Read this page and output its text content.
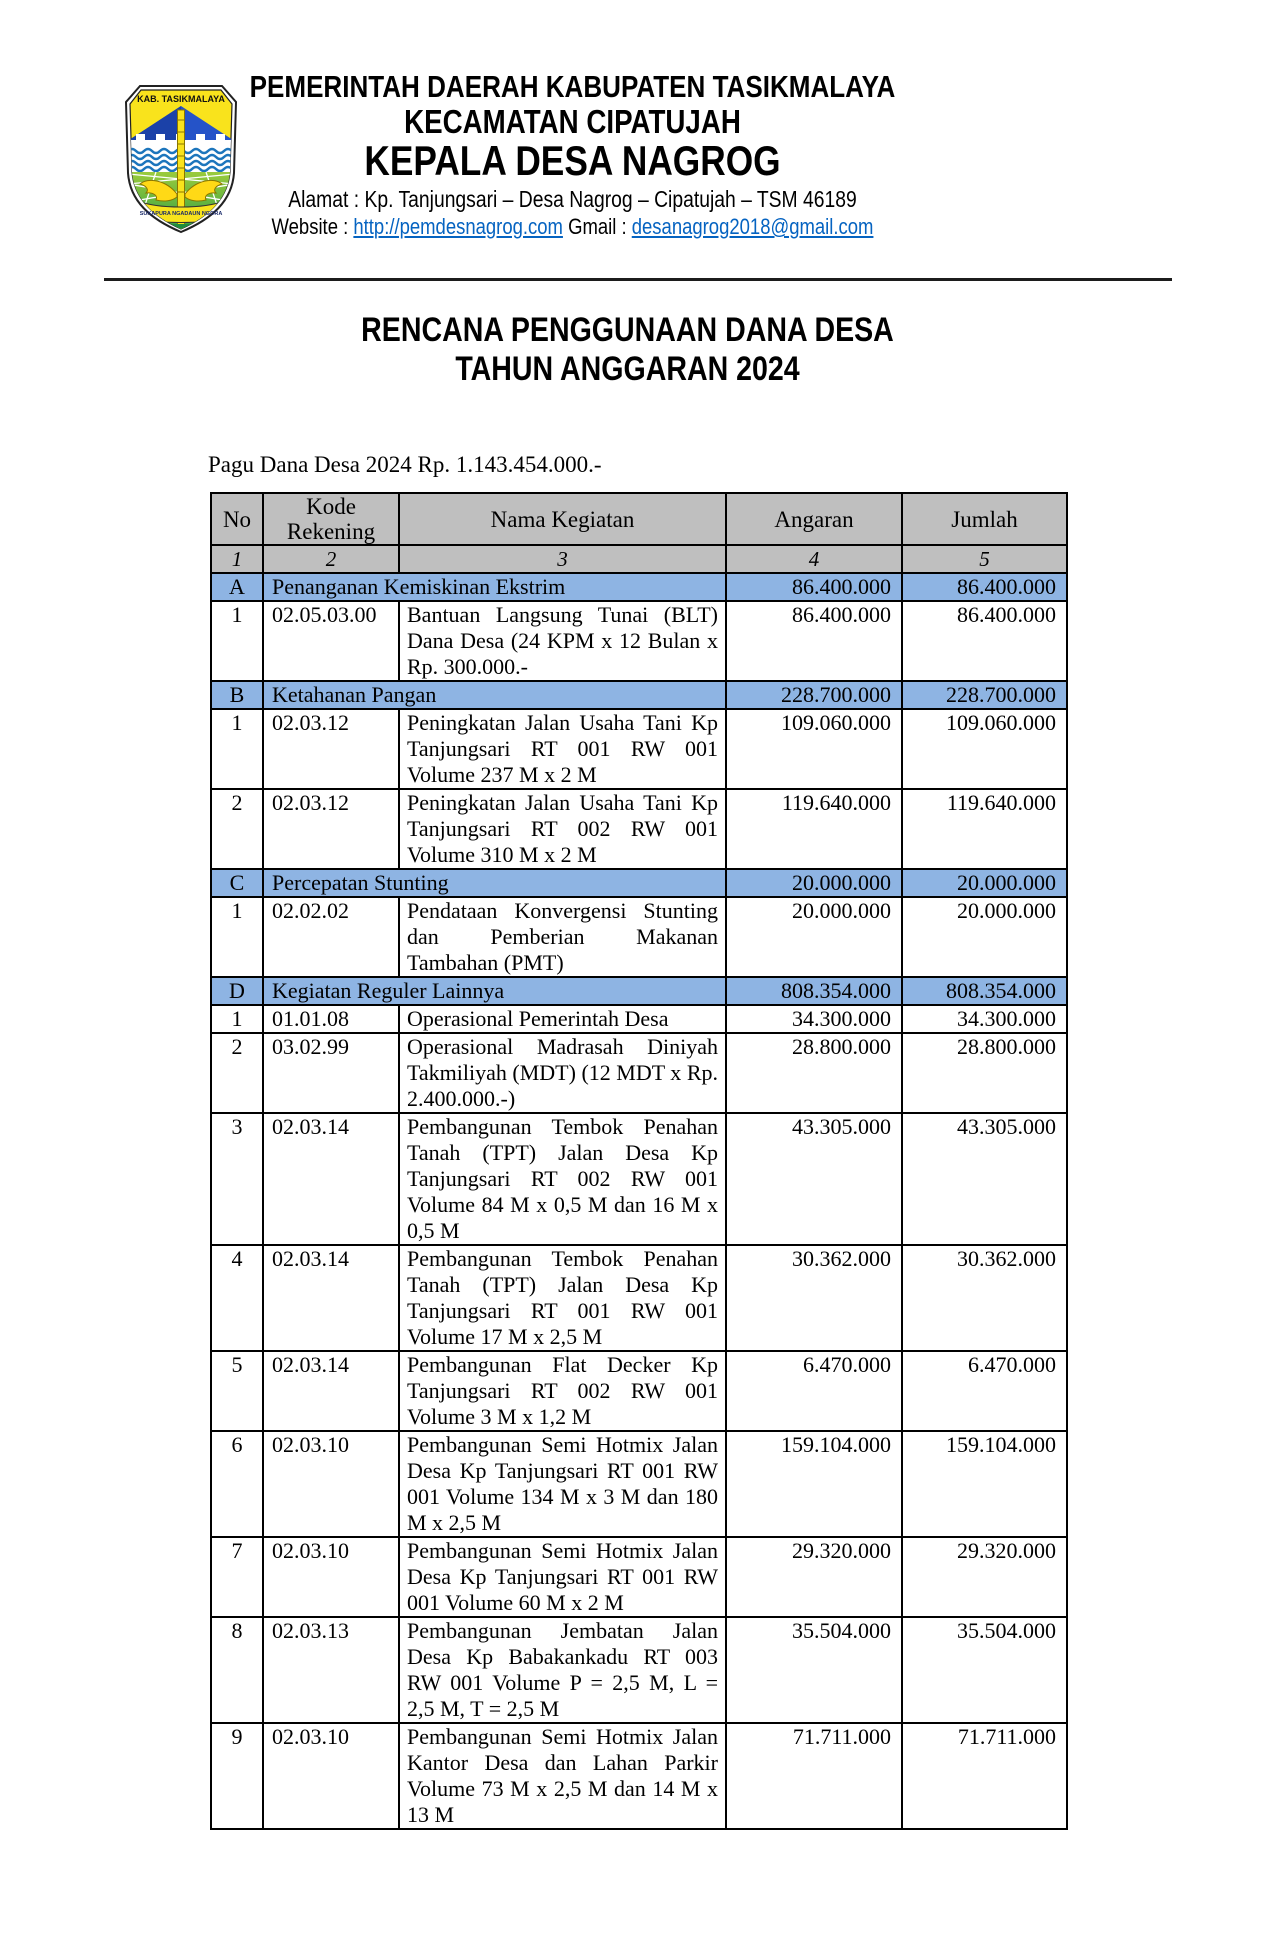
KAB. TASIKMALAYA
SUKAPURA NGADAUN NGORA
PEMERINTAH DAERAH KABUPATEN TASIKMALAYA
KECAMATAN CIPATUJAH
KEPALA DESA NAGROG
Alamat : Kp. Tanjungsari – Desa Nagrog – Cipatujah – TSM 46189
Website : http://pemdesnagrog.com Gmail : desanagrog2018@gmail.com
RENCANA PENGGUNAAN DANA DESA
TAHUN ANGGARAN 2024
Pagu Dana Desa 2024 Rp. 1.143.454.000.-
No	Kode Rekening	Nama Kegiatan	Angaran	Jumlah
1	2	3	4	5
A	Penanganan Kemiskinan Ekstrim		86.400.000	86.400.000
1	02.05.03.00	Bantuan Langsung Tunai (BLT) Dana Desa (24 KPM x 12 Bulan x Rp. 300.000.-	86.400.000	86.400.000
B	Ketahanan Pangan		228.700.000	228.700.000
1	02.03.12	Peningkatan Jalan Usaha Tani Kp Tanjungsari RT 001 RW 001 Volume 237 M x 2 M	109.060.000	109.060.000
2	02.03.12	Peningkatan Jalan Usaha Tani Kp Tanjungsari RT 002 RW 001 Volume 310 M x 2 M	119.640.000	119.640.000
C	Percepatan Stunting		20.000.000	20.000.000
1	02.02.02	Pendataan Konvergensi Stunting dan Pemberian Makanan Tambahan (PMT)	20.000.000	20.000.000
D	Kegiatan Reguler Lainnya		808.354.000	808.354.000
1	01.01.08	Operasional Pemerintah Desa	34.300.000	34.300.000
2	03.02.99	Operasional Madrasah Diniyah Takmiliyah (MDT) (12 MDT x Rp. 2.400.000.-)	28.800.000	28.800.000
3	02.03.14	Pembangunan Tembok Penahan Tanah (TPT) Jalan Desa Kp Tanjungsari RT 002 RW 001 Volume 84 M x 0,5 M dan 16 M x 0,5 M	43.305.000	43.305.000
4	02.03.14	Pembangunan Tembok Penahan Tanah (TPT) Jalan Desa Kp Tanjungsari RT 001 RW 001 Volume 17 M x 2,5 M	30.362.000	30.362.000
5	02.03.14	Pembangunan Flat Decker Kp Tanjungsari RT 002 RW 001 Volume 3 M x 1,2 M	6.470.000	6.470.000
6	02.03.10	Pembangunan Semi Hotmix Jalan Desa Kp Tanjungsari RT 001 RW 001 Volume 134 M x 3 M dan 180 M x 2,5 M	159.104.000	159.104.000
7	02.03.10	Pembangunan Semi Hotmix Jalan Desa Kp Tanjungsari RT 001 RW 001 Volume 60 M x 2 M	29.320.000	29.320.000
8	02.03.13	Pembangunan Jembatan Jalan Desa Kp Babakankadu RT 003 RW 001 Volume P = 2,5 M, L = 2,5 M, T = 2,5 M	35.504.000	35.504.000
9	02.03.10	Pembangunan Semi Hotmix Jalan Kantor Desa dan Lahan Parkir Volume 73 M x 2,5 M dan 14 M x 13 M	71.711.000	71.711.000
